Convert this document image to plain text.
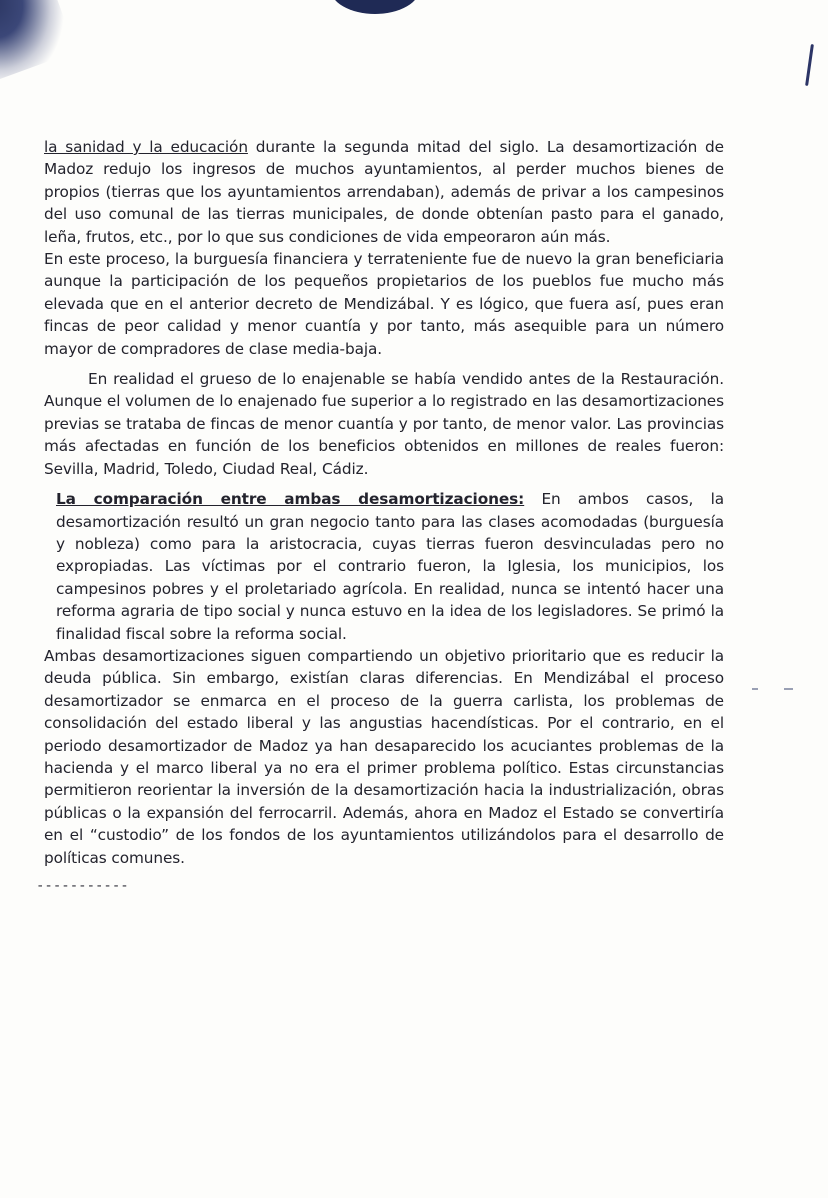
la sanidad y la educación durante la segunda mitad del siglo. La desamortización de Madoz redujo los ingresos de muchos ayuntamientos, al perder muchos bienes de propios (tierras que los ayuntamientos arrendaban), además de privar a los campesinos del uso comunal de las tierras municipales, de donde obtenían pasto para el ganado, leña, frutos, etc., por lo que sus condiciones de vida empeoraron aún más.

En este proceso, la burguesía financiera y terrateniente fue de nuevo la gran beneficiaria aunque la participación de los pequeños propietarios de los pueblos fue mucho más elevada que en el anterior decreto de Mendizábal. Y es lógico, que fuera así, pues eran fincas de peor calidad y menor cuantía y por tanto, más asequible para un número mayor de compradores de clase media-baja.

En realidad el grueso de lo enajenable se había vendido antes de la Restauración. Aunque el volumen de lo enajenado fue superior a lo registrado en las desamortizaciones previas se trataba de fincas de menor cuantía y por tanto, de menor valor. Las provincias más afectadas en función de los beneficios obtenidos en millones de reales fueron: Sevilla, Madrid, Toledo, Ciudad Real, Cádiz.

La comparación entre ambas desamortizaciones: En ambos casos, la desamortización resultó un gran negocio tanto para las clases acomodadas (burguesía y nobleza) como para la aristocracia, cuyas tierras fueron desvinculadas pero no expropiadas. Las víctimas por el contrario fueron, la Iglesia, los municipios, los campesinos pobres y el proletariado agrícola. En realidad, nunca se intentó hacer una reforma agraria de tipo social y nunca estuvo en la idea de los legisladores. Se primó la finalidad fiscal sobre la reforma social.

Ambas desamortizaciones siguen compartiendo un objetivo prioritario que es reducir la deuda pública. Sin embargo, existían claras diferencias. En Mendizábal el proceso desamortizador se enmarca en el proceso de la guerra carlista, los problemas de consolidación del estado liberal y las angustias hacendísticas. Por el contrario, en el periodo desamortizador de Madoz ya han desaparecido los acuciantes problemas de la hacienda y el marco liberal ya no era el primer problema político. Estas circunstancias permitieron reorientar la inversión de la desamortización hacia la industrialización, obras públicas o la expansión del ferrocarril. Además, ahora en Madoz el Estado se convertiría en el “custodio” de los fondos de los ayuntamientos utilizándolos para el desarrollo de políticas comunes.

-----------
